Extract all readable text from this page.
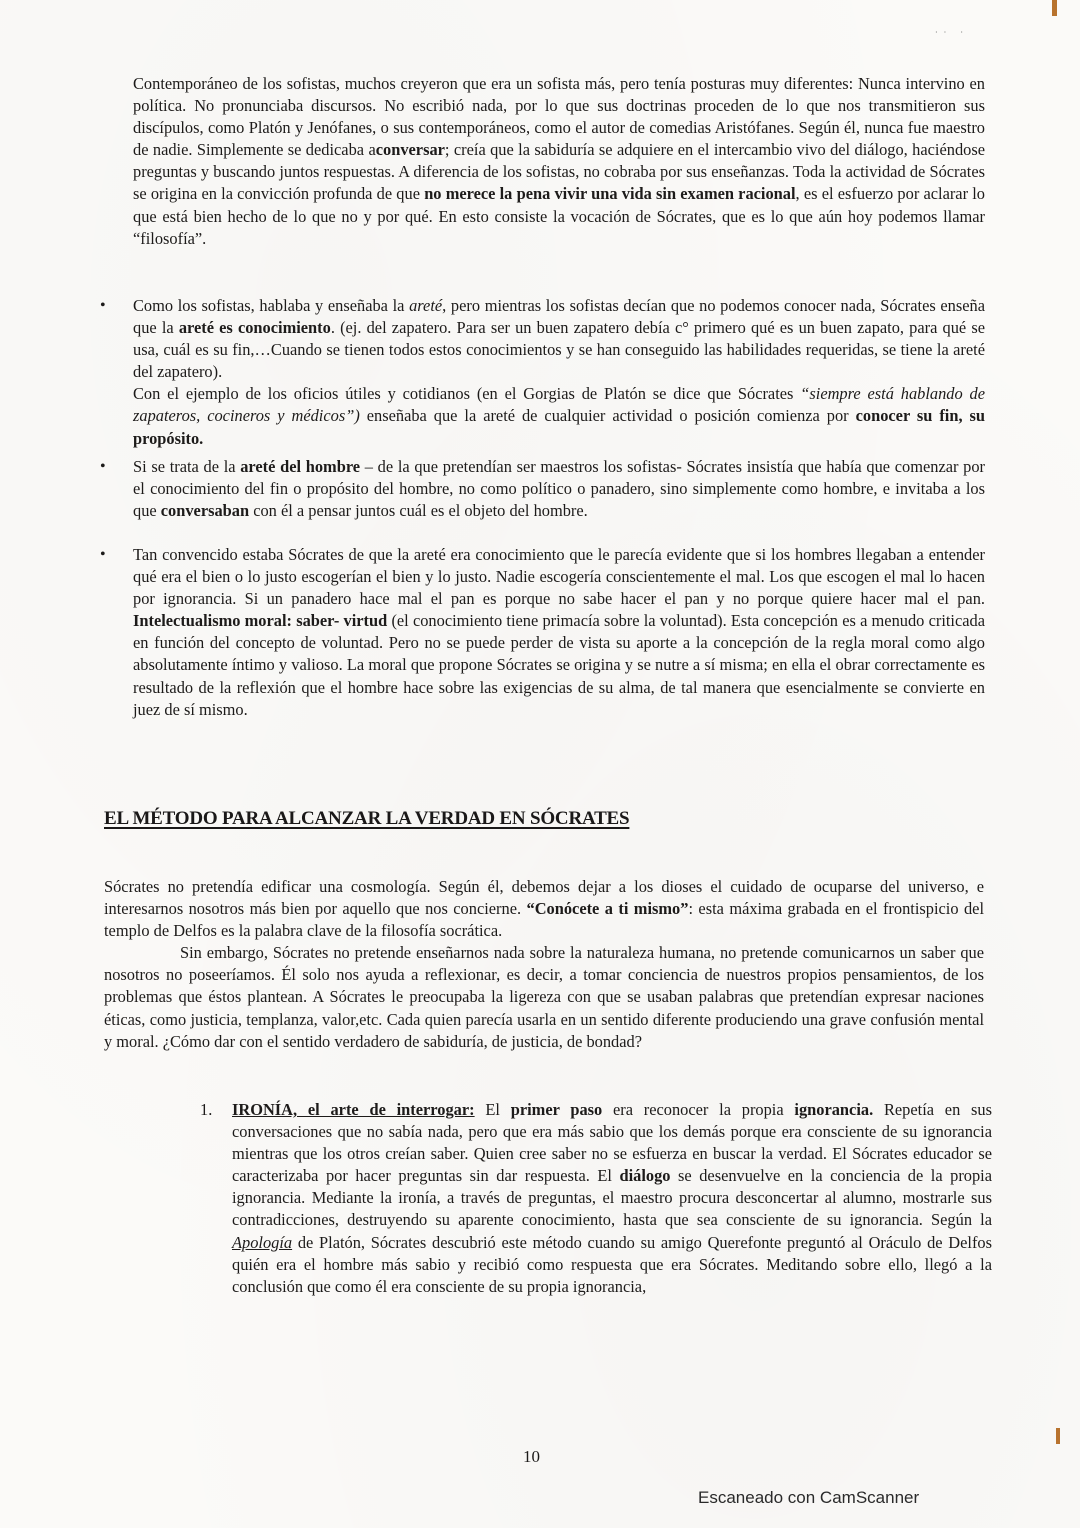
·· ·
Contemporáneo de los sofistas, muchos creyeron que era un sofista más, pero tenía posturas muy diferentes: Nunca intervino en política. No pronunciaba discursos. No escribió nada, por lo que sus doctrinas proceden de lo que nos transmitieron sus discípulos, como Platón y Jenófanes, o sus contemporáneos, como el autor de comedias Aristófanes. Según él, nunca fue maestro de nadie. Simplemente se dedicaba aconversar; creía que la sabiduría se adquiere en el intercambio vivo del diálogo, haciéndose preguntas y buscando juntos respuestas. A diferencia de los sofistas, no cobraba por sus enseñanzas. Toda la actividad de Sócrates se origina en la convicción profunda de que no merece la pena vivir una vida sin examen racional, es el esfuerzo por aclarar lo que está bien hecho de lo que no y por qué. En esto consiste la vocación de Sócrates, que es lo que aún hoy podemos llamar “filosofía”.
• Como los sofistas, hablaba y enseñaba la areté, pero mientras los sofistas decían que no podemos conocer nada, Sócrates enseña que la areté es conocimiento. (ej. del zapatero. Para ser un buen zapatero debía c° primero qué es un buen zapato, para qué se usa, cuál es su fin,…Cuando se tienen todos estos conocimientos y se han conseguido las habilidades requeridas, se tiene la areté del zapatero).
Con el ejemplo de los oficios útiles y cotidianos (en el Gorgias de Platón se dice que Sócrates “siempre está hablando de zapateros, cocineros y médicos”) enseñaba que la areté de cualquier actividad o posición comienza por conocer su fin, su propósito.
• Si se trata de la areté del hombre – de la que pretendían ser maestros los sofistas- Sócrates insistía que había que comenzar por el conocimiento del fin o propósito del hombre, no como político o panadero, sino simplemente como hombre, e invitaba a los que conversaban con él a pensar juntos cuál es el objeto del hombre.
• Tan convencido estaba Sócrates de que la areté era conocimiento que le parecía evidente que si los hombres llegaban a entender qué era el bien o lo justo escogerían el bien y lo justo. Nadie escogería conscientemente el mal. Los que escogen el mal lo hacen por ignorancia. Si un panadero hace mal el pan es porque no sabe hacer el pan y no porque quiere hacer mal el pan. Intelectualismo moral: saber- virtud (el conocimiento tiene primacía sobre la voluntad). Esta concepción es a menudo criticada en función del concepto de voluntad. Pero no se puede perder de vista su aporte a la concepción de la regla moral como algo absolutamente íntimo y valioso. La moral que propone Sócrates se origina y se nutre a sí misma; en ella el obrar correctamente es resultado de la reflexión que el hombre hace sobre las exigencias de su alma, de tal manera que esencialmente se convierte en juez de sí mismo.
EL MÉTODO PARA ALCANZAR LA VERDAD EN SÓCRATES
Sócrates no pretendía edificar una cosmología. Según él, debemos dejar a los dioses el cuidado de ocuparse del universo, e interesarnos nosotros más bien por aquello que nos concierne. “Conócete a ti mismo”: esta máxima grabada en el frontispicio del templo de Delfos es la palabra clave de la filosofía socrática.
Sin embargo, Sócrates no pretende enseñarnos nada sobre la naturaleza humana, no pretende comunicarnos un saber que nosotros no poseeríamos. Él solo nos ayuda a reflexionar, es decir, a tomar conciencia de nuestros propios pensamientos, de los problemas que éstos plantean. A Sócrates le preocupaba la ligereza con que se usaban palabras que pretendían expresar naciones éticas, como justicia, templanza, valor,etc. Cada quien parecía usarla en un sentido diferente produciendo una grave confusión mental y moral. ¿Cómo dar con el sentido verdadero de sabiduría, de justicia, de bondad?
1. IRONÍA, el arte de interrogar: El primer paso era reconocer la propia ignorancia. Repetía en sus conversaciones que no sabía nada, pero que era más sabio que los demás porque era consciente de su ignorancia mientras que los otros creían saber. Quien cree saber no se esfuerza en buscar la verdad. El Sócrates educador se caracterizaba por hacer preguntas sin dar respuesta. El diálogo se desenvuelve en la conciencia de la propia ignorancia. Mediante la ironía, a través de preguntas, el maestro procura desconcertar al alumno, mostrarle sus contradicciones, destruyendo su aparente conocimiento, hasta que sea consciente de su ignorancia. Según la Apología de Platón, Sócrates descubrió este método cuando su amigo Querefonte preguntó al Oráculo de Delfos quién era el hombre más sabio y recibió como respuesta que era Sócrates. Meditando sobre ello, llegó a la conclusión que como él era consciente de su propia ignorancia,
10
Escaneado con CamScanner
